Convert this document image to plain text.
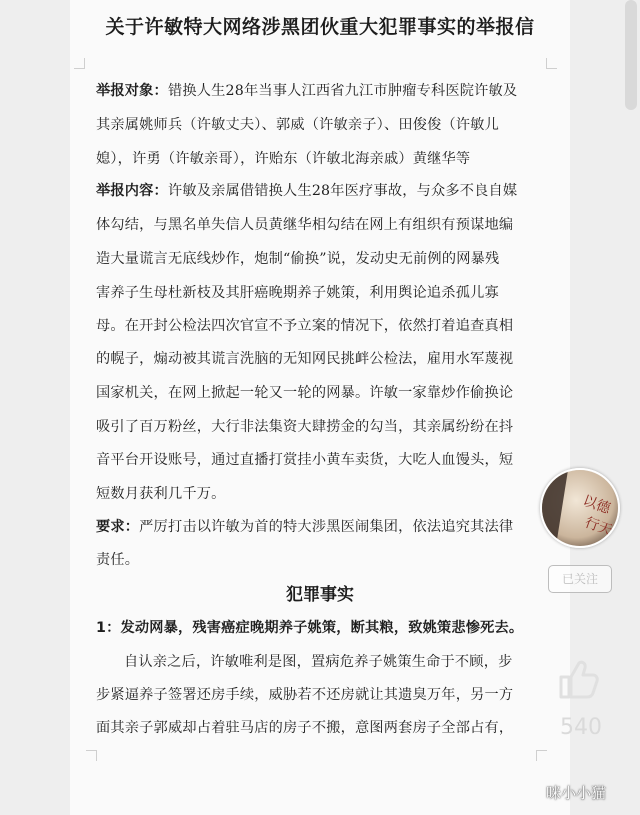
关于许敏特大网络涉黑团伙重大犯罪事实的举报信
举报对象：错换人生28年当事人江西省九江市肿瘤专科医院许敏及
其亲属姚师兵（许敏丈夫）、郭威（许敏亲子）、田俊俊（许敏儿
媳），许勇（许敏亲哥），许贻东（许敏北海亲戚）黄继华等
举报内容：许敏及亲属借错换人生28年医疗事故，与众多不良自媒
体勾结，与黑名单失信人员黄继华相勾结在网上有组织有预谋地编
造大量谎言无底线炒作，炮制“偷换”说，发动史无前例的网暴残
害养子生母杜新枝及其肝癌晚期养子姚策，利用舆论追杀孤儿寡
母。在开封公检法四次官宣不予立案的情况下，依然打着追查真相
的幌子，煽动被其谎言洗脑的无知网民挑衅公检法，雇用水军蔑视
国家机关，在网上掀起一轮又一轮的网暴。许敏一家靠炒作偷换论
吸引了百万粉丝，大行非法集资大肆捞金的勾当，其亲属纷纷在抖
音平台开设账号，通过直播打赏挂小黄车卖货，大吃人血馒头，短
短数月获利几千万。
要求：严厉打击以许敏为首的特大涉黑医闹集团，依法追究其法律
责任。
犯罪事实
1：发动网暴，残害癌症晚期养子姚策，断其粮，致姚策悲惨死去。
自认亲之后，许敏唯利是图，置病危养子姚策生命于不顾，步
步紧逼养子签署还房手续，威胁若不还房就让其遗臭万年，另一方
面其亲子郭威却占着驻马店的房子不搬，意图两套房子全部占有，
以德
行天
已关注
540
咪小小猫
